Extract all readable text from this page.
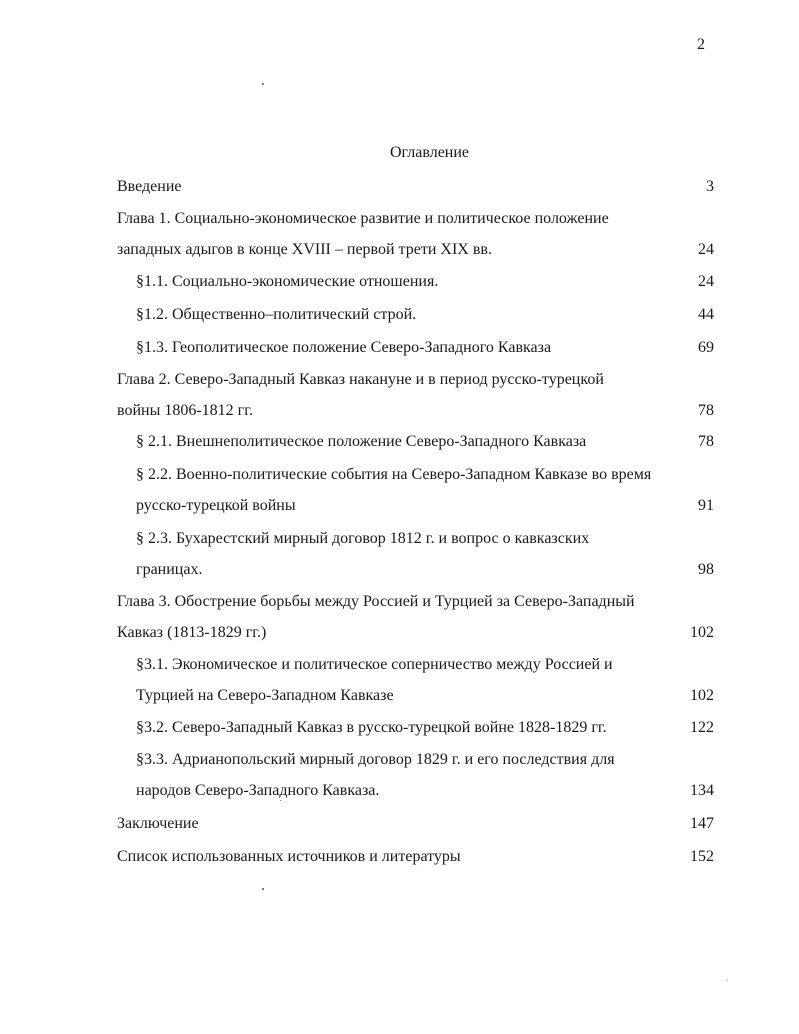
2
Оглавление
Введение	3
Глава 1. Социально-экономическое развитие и политическое положение
западных адыгов в конце XVIII – первой трети XIX вв.	24
§1.1. Социально-экономические отношения.	24
§1.2. Общественно–политический строй.	44
§1.3. Геополитическое положение Северо-Западного Кавказа	69
Глава 2. Северо-Западный Кавказ накануне и в период русско-турецкой
войны 1806-1812 гг.	78
§ 2.1. Внешнеполитическое положение Северо-Западного Кавказа	78
§ 2.2. Военно-политические события на Северо-Западном Кавказе во время
русско-турецкой войны	91
§ 2.3. Бухарестский мирный договор 1812 г. и вопрос о кавказских
границах.	98
Глава 3. Обострение борьбы между Россией и Турцией за Северо-Западный
Кавказ (1813-1829 гг.)	102
§3.1. Экономическое и политическое соперничество между Россией и
Турцией на Северо-Западном Кавказе	102
§3.2. Северо-Западный Кавказ в русско-турецкой войне 1828-1829 гг.	122
§3.3. Адрианопольский мирный договор 1829 г. и его последствия для
народов Северо-Западного Кавказа.	134
Заключение	147
Список использованных источников и литературы	152
